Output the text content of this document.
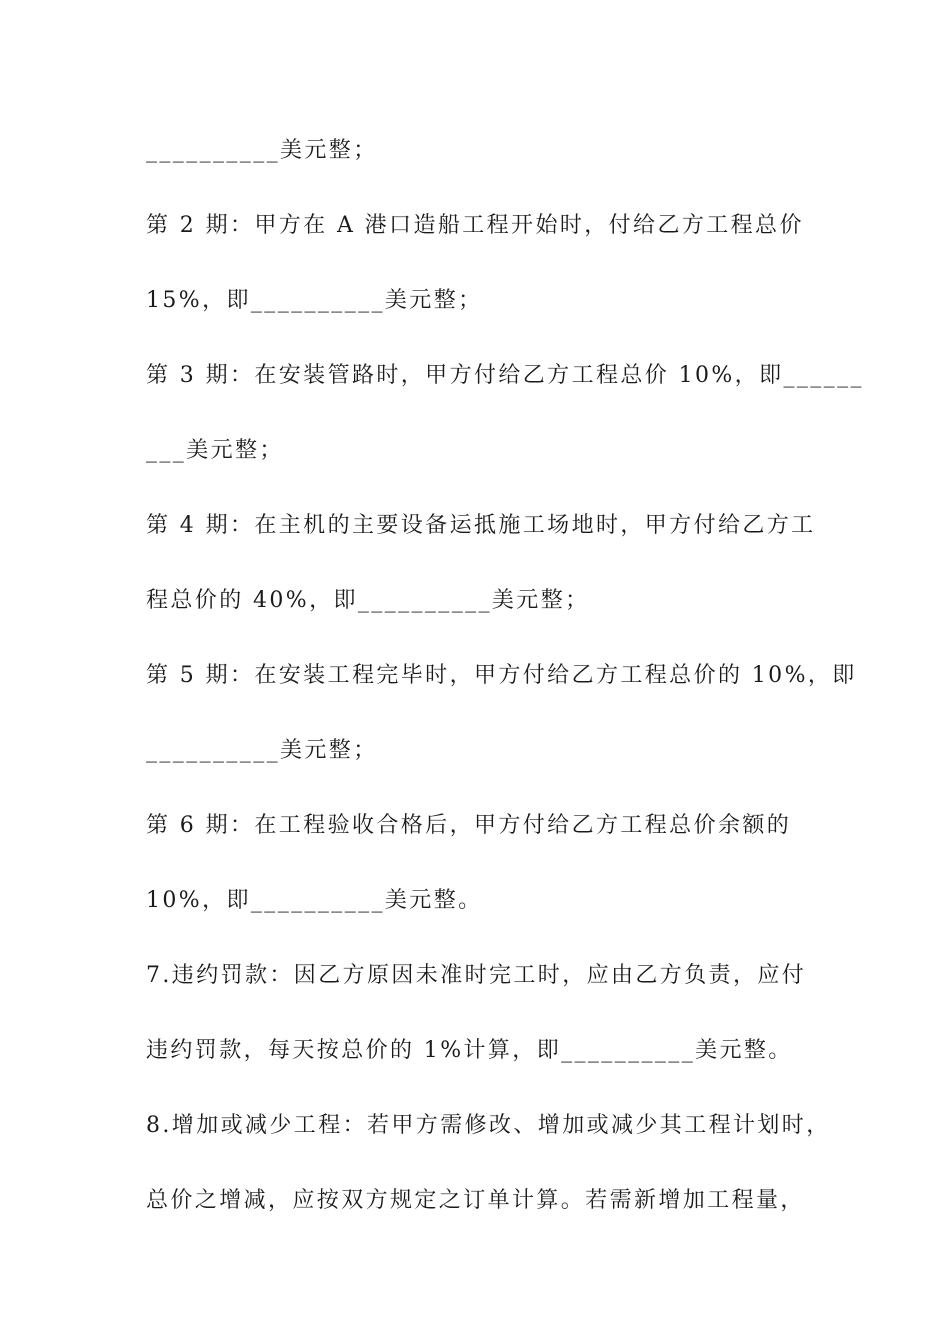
__________美元整；
第 2 期：甲方在 A 港口造船工程开始时，付给乙方工程总价
15%，即__________美元整；
第 3 期：在安装管路时，甲方付给乙方工程总价 10%，即______
___美元整；
第 4 期：在主机的主要设备运抵施工场地时，甲方付给乙方工
程总价的 40%，即__________美元整；
第 5 期：在安装工程完毕时，甲方付给乙方工程总价的 10%，即
__________美元整；
第 6 期：在工程验收合格后，甲方付给乙方工程总价余额的
10%，即__________美元整。
7.违约罚款：因乙方原因未准时完工时，应由乙方负责，应付
违约罚款，每天按总价的 1%计算，即__________美元整。
8.增加或减少工程：若甲方需修改、增加或减少其工程计划时，
总价之增减，应按双方规定之订单计算。若需新增加工程量，
